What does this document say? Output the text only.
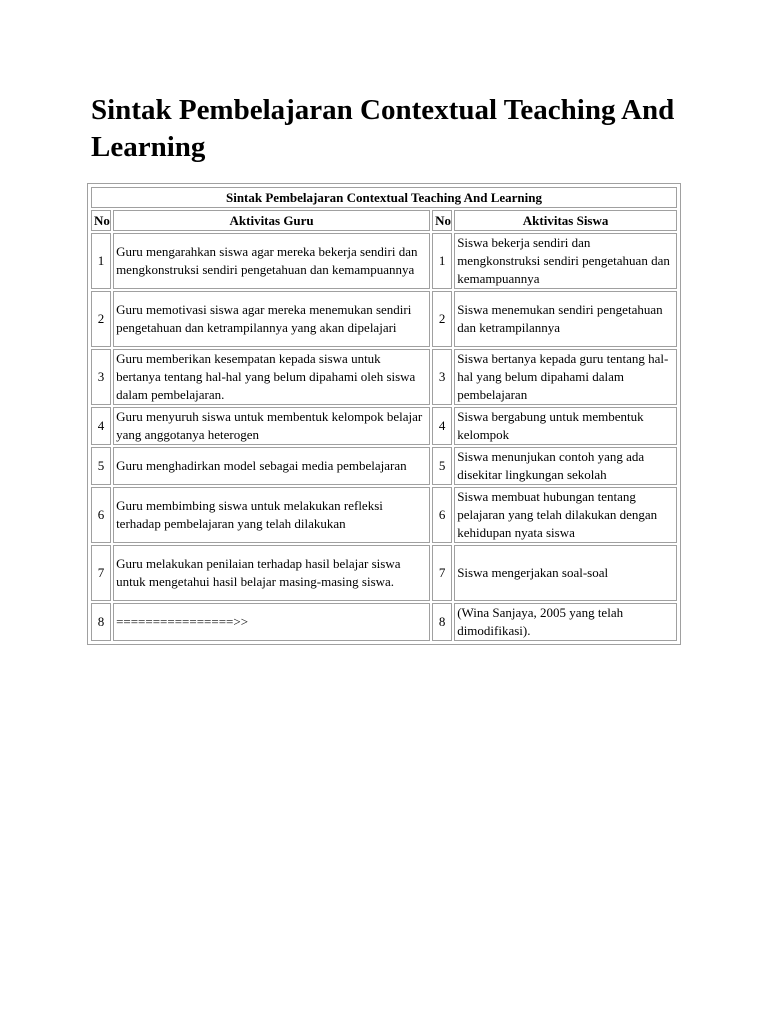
Sintak Pembelajaran Contextual Teaching And Learning
Sintak Pembelajaran Contextual Teaching And Learning			
No	Aktivitas Guru	No	Aktivitas Siswa
1	Guru mengarahkan siswa agar mereka bekerja sendiri dan mengkonstruksi sendiri pengetahuan dan kemampuannya	1	Siswa bekerja sendiri dan mengkonstruksi sendiri pengetahuan dan kemampuannya
2	Guru memotivasi siswa agar mereka menemukan sendiri pengetahuan dan ketrampilannya yang akan dipelajari	2	Siswa menemukan sendiri pengetahuan dan ketrampilannya
3	Guru memberikan kesempatan kepada siswa untuk bertanya tentang hal-hal yang belum dipahami oleh siswa dalam pembelajaran.	3	Siswa bertanya kepada guru tentang hal-hal yang belum dipahami dalam pembelajaran
4	Guru menyuruh siswa untuk membentuk kelompok belajar yang anggotanya heterogen	4	Siswa bergabung untuk membentuk kelompok
5	Guru menghadirkan model sebagai media pembelajaran	5	Siswa menunjukan contoh yang ada disekitar lingkungan sekolah
6	Guru membimbing siswa untuk melakukan refleksi terhadap pembelajaran yang telah dilakukan	6	Siswa membuat hubungan tentang pelajaran yang telah dilakukan dengan kehidupan nyata siswa
7	Guru melakukan penilaian terhadap hasil belajar siswa untuk mengetahui hasil belajar masing-masing siswa.	7	Siswa mengerjakan soal-soal
8	================>>	8	(Wina Sanjaya, 2005 yang telah dimodifikasi).
